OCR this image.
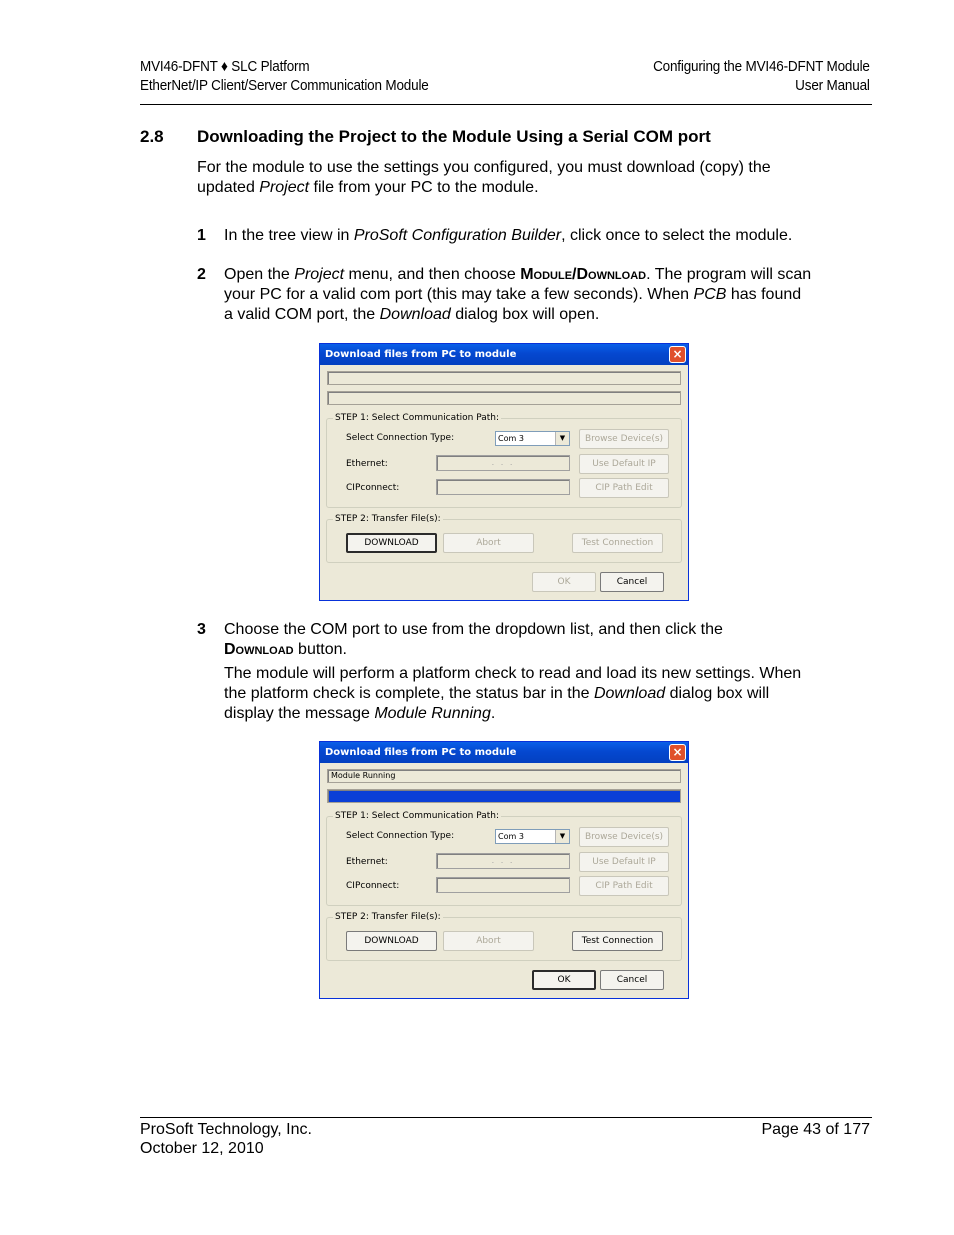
MVI46-DFNT ♦ SLC Platform
EtherNet/IP Client/Server Communication Module
Configuring the MVI46-DFNT Module
User Manual
2.8 Downloading the Project to the Module Using a Serial COM port
For the module to use the settings you configured, you must download (copy) the updated Project file from your PC to the module.
1 In the tree view in ProSoft Configuration Builder, click once to select the module.
2 Open the Project menu, and then choose Module/Download. The program will scan your PC for a valid com port (this may take a few seconds). When PCB has found a valid COM port, the Download dialog box will open.
Download files from PC to module	×
STEP 1: Select Communication Path:
Select Connection Type:	Com 3	▼	Browse Device(s)
Ethernet:	. . .	Use Default IP
CIPconnect:	CIP Path Edit
STEP 2: Transfer File(s):
DOWNLOAD	Abort	Test Connection
OK	Cancel
3 Choose the COM port to use from the dropdown list, and then click the Download button.
The module will perform a platform check to read and load its new settings. When the platform check is complete, the status bar in the Download dialog box will display the message Module Running.
Download files from PC to module	×
Module Running
STEP 1: Select Communication Path:
Select Connection Type:	Com 3	▼	Browse Device(s)
Ethernet:	. . .	Use Default IP
CIPconnect:	CIP Path Edit
STEP 2: Transfer File(s):
DOWNLOAD	Abort	Test Connection
OK	Cancel
ProSoft Technology, Inc.
October 12, 2010
Page 43 of 177
